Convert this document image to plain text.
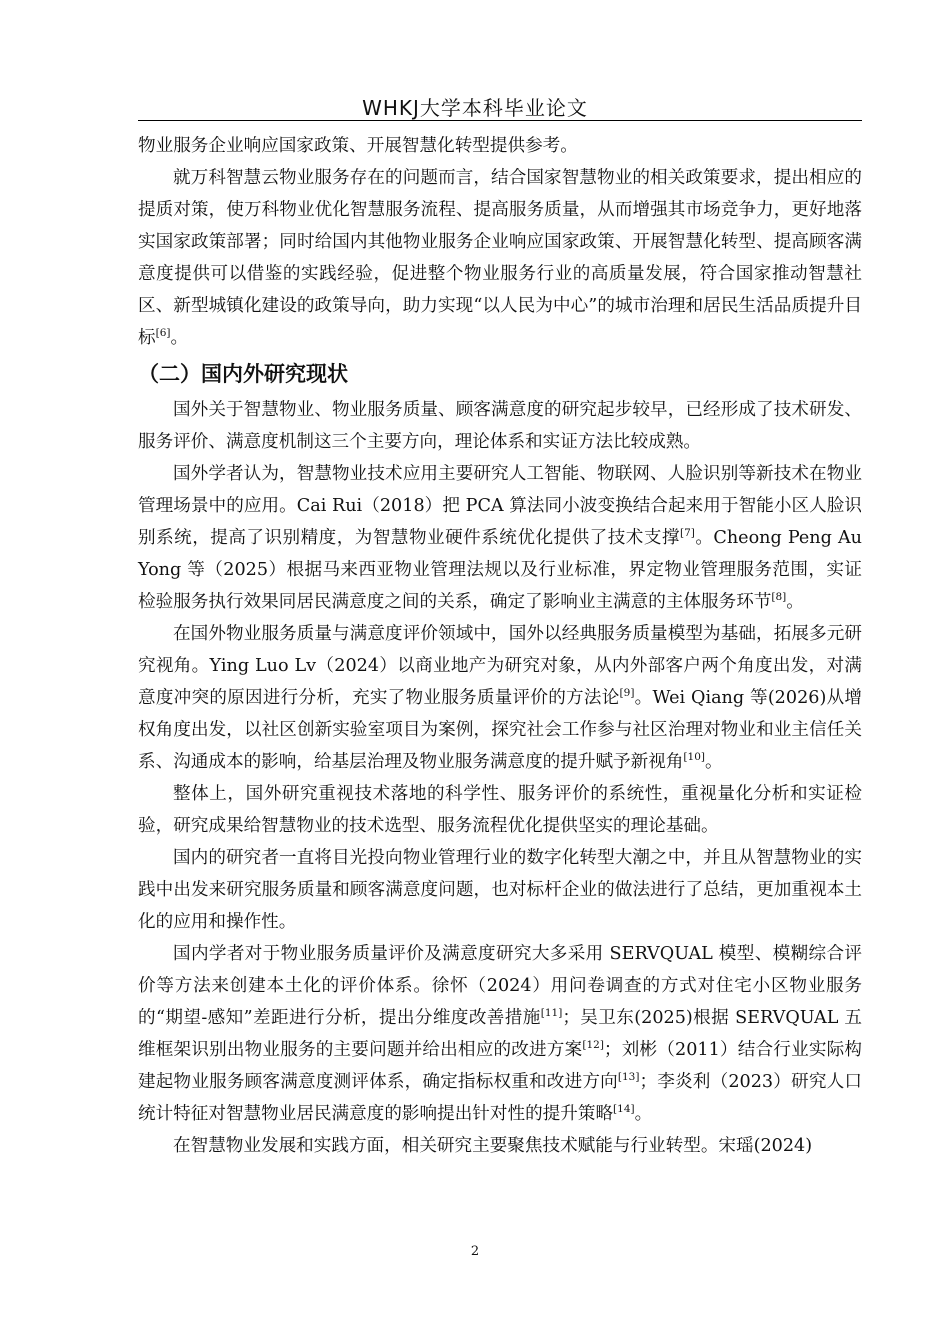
WHKJ大学本科毕业论文

物业服务企业响应国家政策、开展智慧化转型提供参考。

就万科智慧云物业服务存在的问题而言，结合国家智慧物业的相关政策要求，提出相应的提质对策，使万科物业优化智慧服务流程、提高服务质量，从而增强其市场竞争力，更好地落实国家政策部署；同时给国内其他物业服务企业响应国家政策、开展智慧化转型、提高顾客满意度提供可以借鉴的实践经验，促进整个物业服务行业的高质量发展，符合国家推动智慧社区、新型城镇化建设的政策导向，助力实现“以人民为中心”的城市治理和居民生活品质提升目标[6]。

（二）国内外研究现状

国外关于智慧物业、物业服务质量、顾客满意度的研究起步较早，已经形成了技术研发、服务评价、满意度机制这三个主要方向，理论体系和实证方法比较成熟。

国外学者认为，智慧物业技术应用主要研究人工智能、物联网、人脸识别等新技术在物业管理场景中的应用。Cai Rui（2018）把 PCA 算法同小波变换结合起来用于智能小区人脸识别系统，提高了识别精度，为智慧物业硬件系统优化提供了技术支撑[7]。Cheong Peng Au Yong 等（2025）根据马来西亚物业管理法规以及行业标准，界定物业管理服务范围，实证检验服务执行效果同居民满意度之间的关系，确定了影响业主满意的主体服务环节[8]。

在国外物业服务质量与满意度评价领域中，国外以经典服务质量模型为基础，拓展多元研究视角。Ying Luo Lv（2024）以商业地产为研究对象，从内外部客户两个角度出发，对满意度冲突的原因进行分析，充实了物业服务质量评价的方法论[9]。Wei Qiang 等(2026)从增权角度出发，以社区创新实验室项目为案例，探究社会工作参与社区治理对物业和业主信任关系、沟通成本的影响，给基层治理及物业服务满意度的提升赋予新视角[10]。

整体上，国外研究重视技术落地的科学性、服务评价的系统性，重视量化分析和实证检验，研究成果给智慧物业的技术选型、服务流程优化提供坚实的理论基础。

国内的研究者一直将目光投向物业管理行业的数字化转型大潮之中，并且从智慧物业的实践中出发来研究服务质量和顾客满意度问题，也对标杆企业的做法进行了总结，更加重视本土化的应用和操作性。

国内学者对于物业服务质量评价及满意度研究大多采用 SERVQUAL 模型、模糊综合评价等方法来创建本土化的评价体系。徐怀（2024）用问卷调查的方式对住宅小区物业服务的“期望-感知”差距进行分析，提出分维度改善措施[11]；吴卫东(2025)根据 SERVQUAL 五维框架识别出物业服务的主要问题并给出相应的改进方案[12]；刘彬（2011）结合行业实际构建起物业服务顾客满意度测评体系，确定指标权重和改进方向[13]；李炎利（2023）研究人口统计特征对智慧物业居民满意度的影响提出针对性的提升策略[14]。

在智慧物业发展和实践方面，相关研究主要聚焦技术赋能与行业转型。宋瑶(2024)

2
